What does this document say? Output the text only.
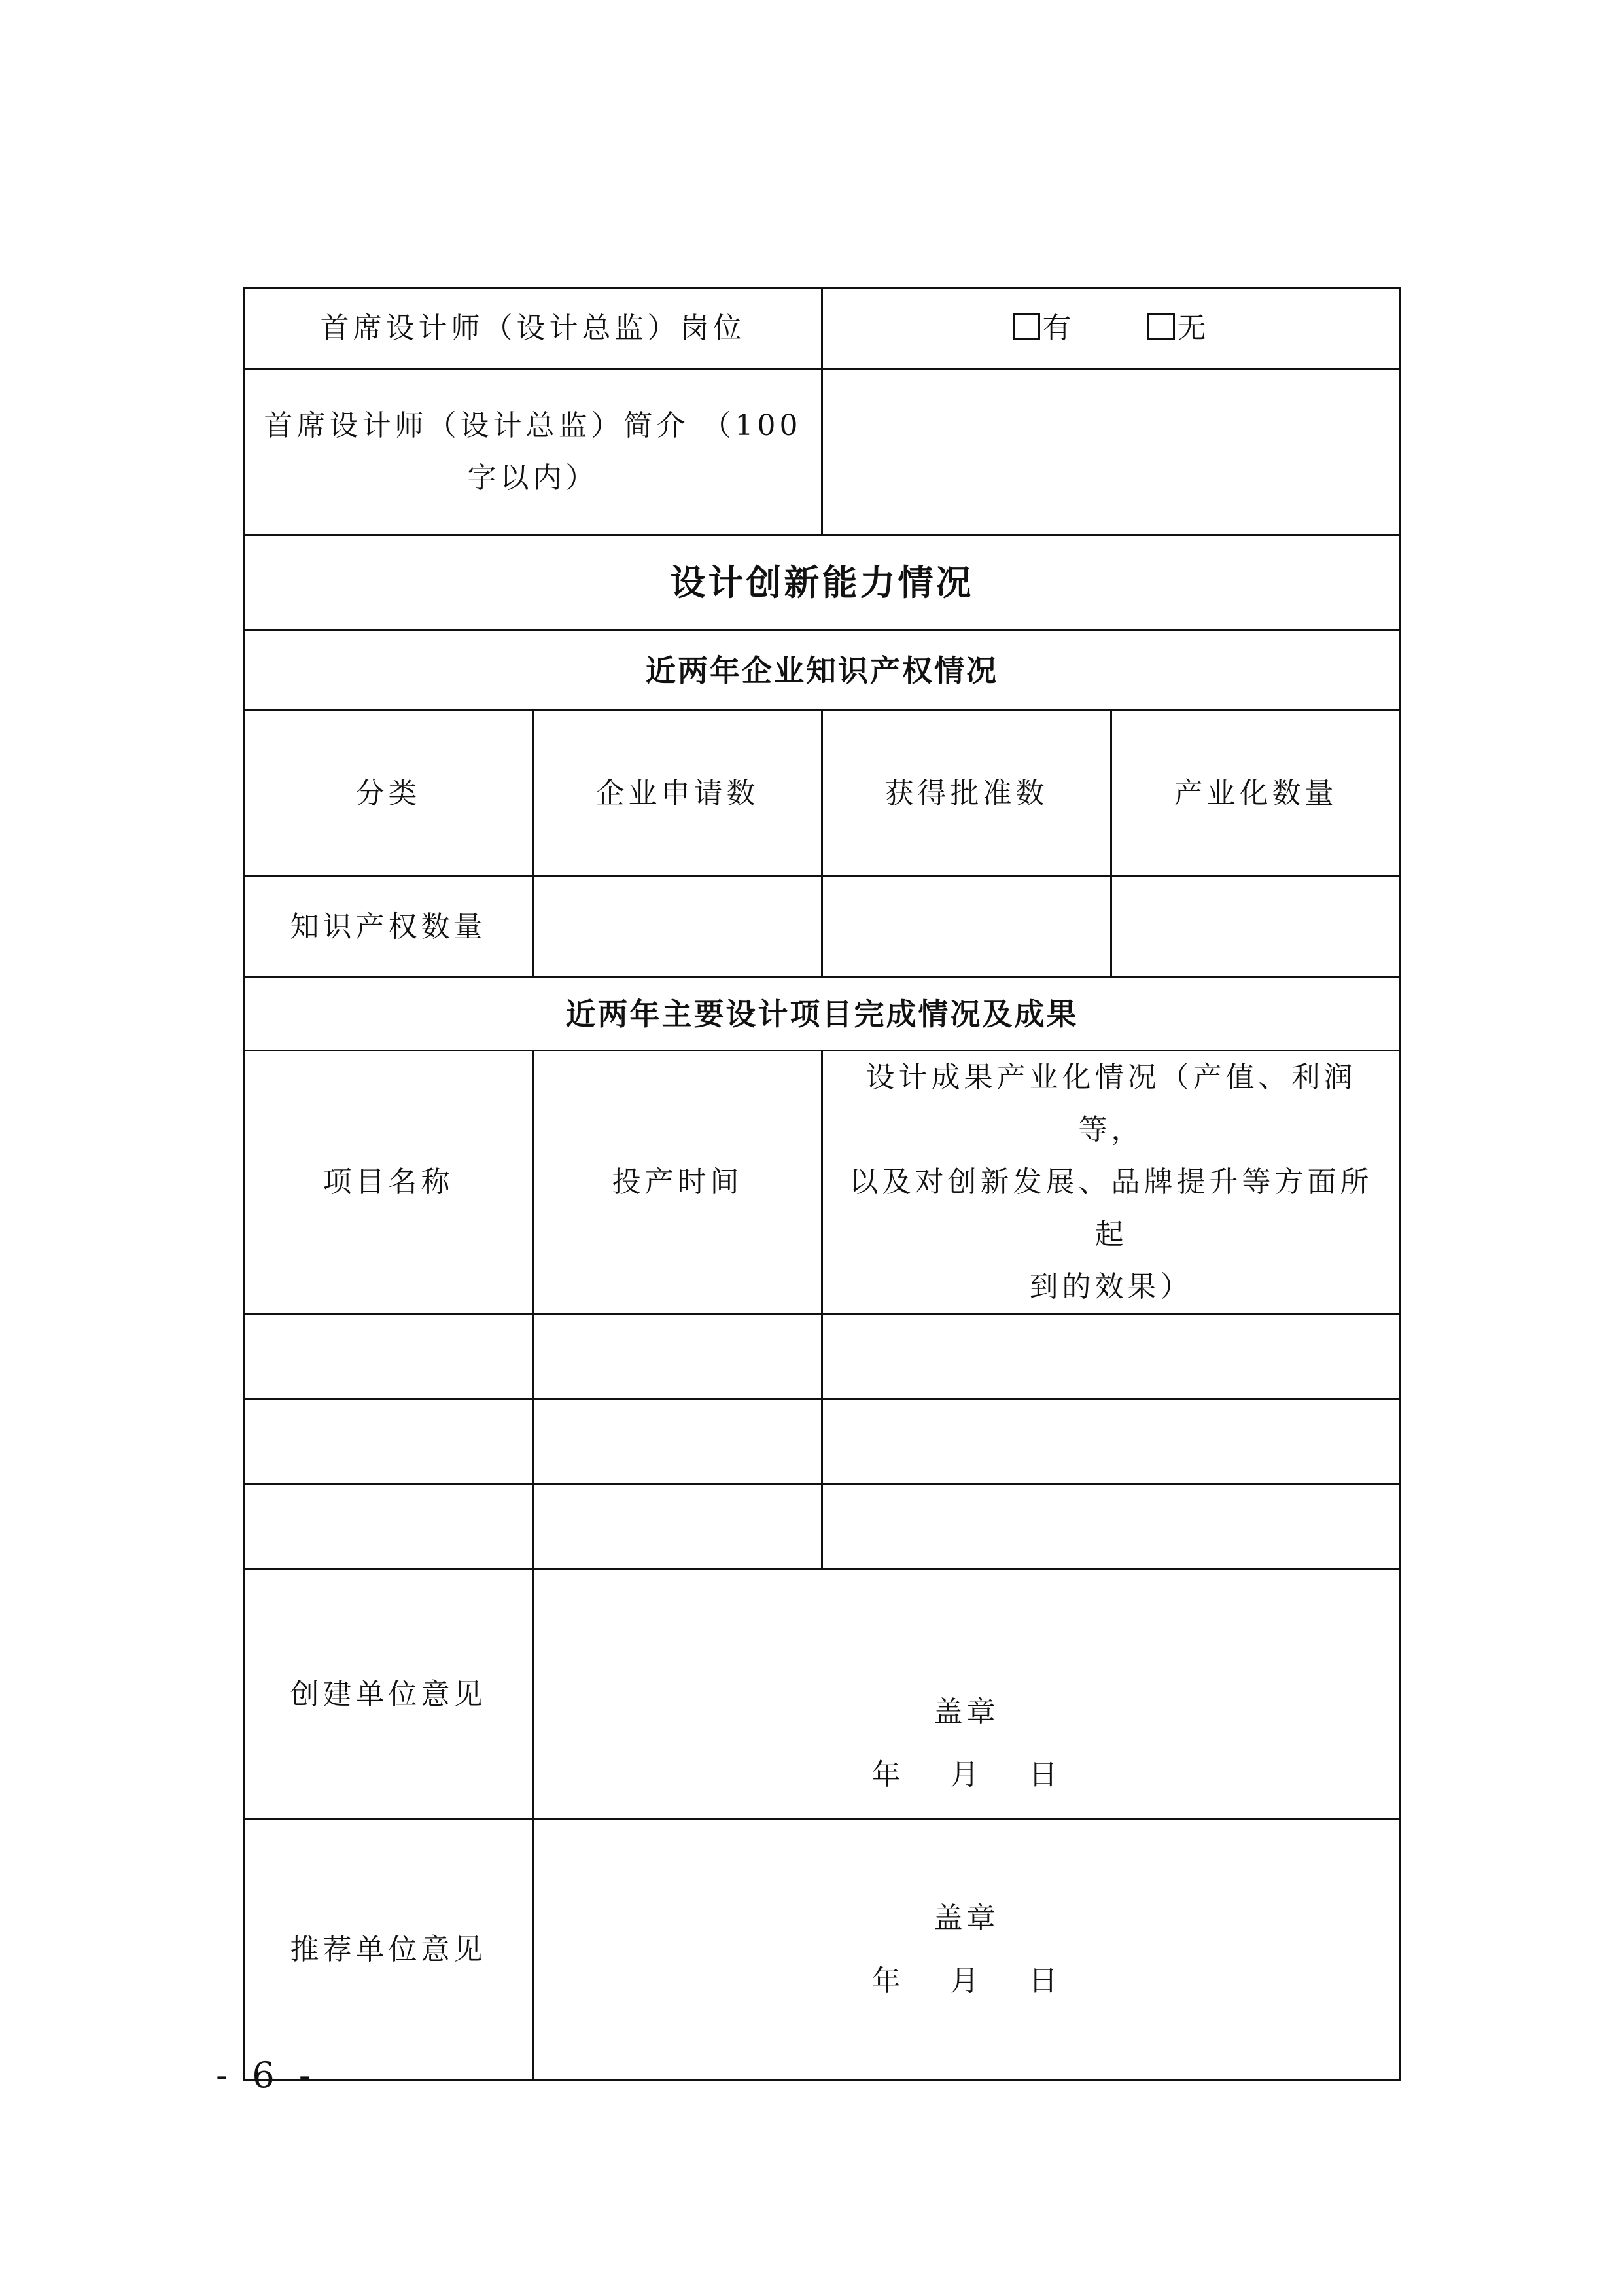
首席设计师（设计总监）岗位		有 无	

首席设计师（设计总监）简介 （100
字以内）			

设计创新能力情况			
近两年企业知识产权情况			
分类	企业申请数	获得批准数	产业化数量
知识产权数量			
近两年主要设计项目完成情况及成果			
项目名称	投产时间	设计成果产业化情况（产值、利润等，
以及对创新发展、品牌提升等方面所起
到的效果）	

创建单位意见	盖章
年 月 日		

推荐单位意见	盖章
年 月 日		
- 6 -
